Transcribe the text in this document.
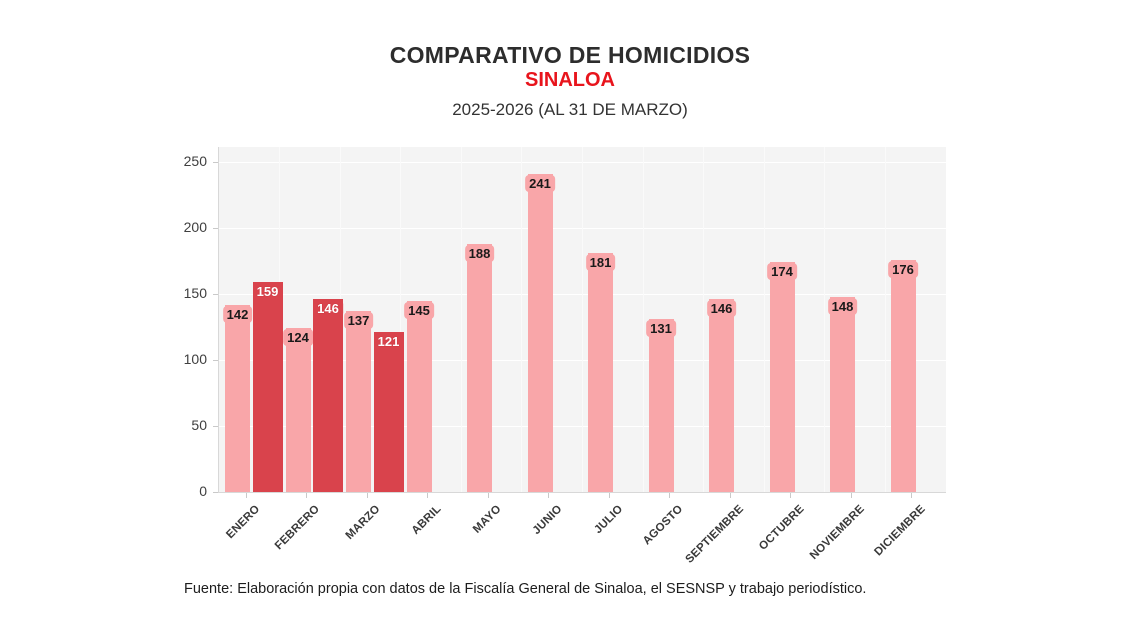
COMPARATIVO DE HOMICIDIOS
SINALOA
2025-2026 (AL 31 DE MARZO)
Fuente: Elaboración propia con datos de la Fiscalía General de Sinaloa, el SESNSP y trabajo periodístico.
0
50
100
150
200
250
142
159
ENERO
124
146
FEBRERO
137
121
MARZO
145
ABRIL
188
MAYO
241
JUNIO
181
JULIO
131
AGOSTO
146
SEPTIEMBRE
174
OCTUBRE
148
NOVIEMBRE
176
DICIEMBRE
